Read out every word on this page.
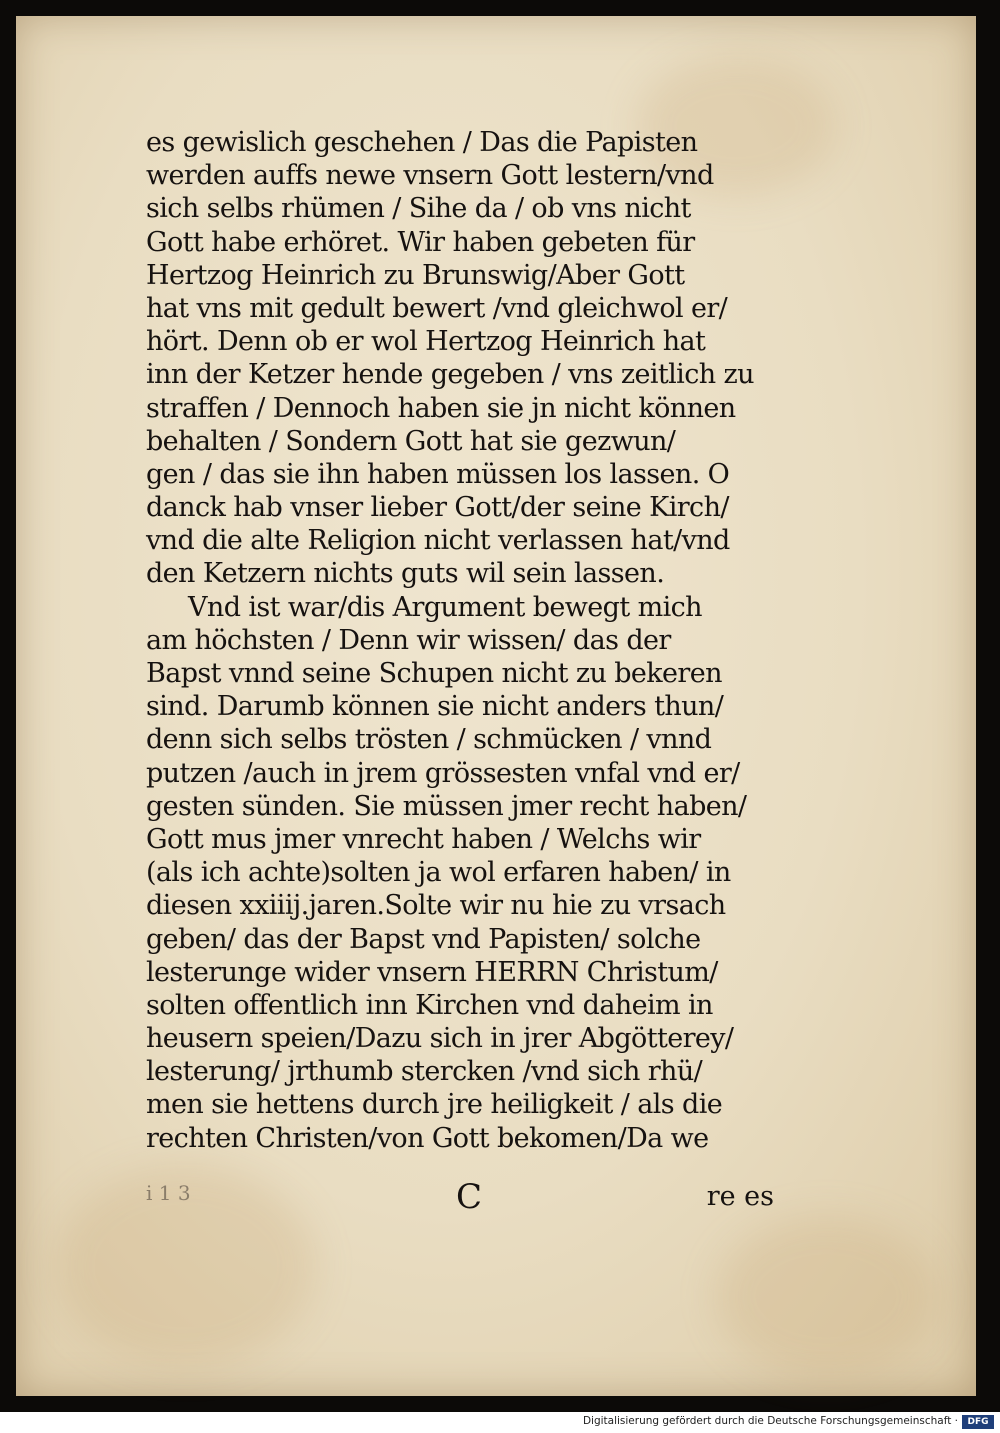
es gewislich geschehen / Das die Papisten
werden auffs newe vnsern Gott lestern/vnd
sich selbs rhümen / Sihe da / ob vns nicht
Gott habe erhöret. Wir haben gebeten für
Hertzog Heinrich zu Brunswig/Aber Gott
hat vns mit gedult bewert /vnd gleichwol er/
hört. Denn ob er wol Hertzog Heinrich hat
inn der Ketzer hende gegeben / vns zeitlich zu
straffen / Dennoch haben sie jn nicht können
behalten / Sondern Gott hat sie gezwun/
gen / das sie ihn haben müssen los lassen. O
danck hab vnser lieber Gott/der seine Kirch/
vnd die alte Religion nicht verlassen hat/vnd
den Ketzern nichts guts wil sein lassen.
Vnd ist war/dis Argument bewegt mich
am höchsten / Denn wir wissen/ das der
Bapst vnnd seine Schupen nicht zu bekeren
sind. Darumb können sie nicht anders thun/
denn sich selbs trösten / schmücken / vnnd
putzen /auch in jrem grössesten vnfal vnd er/
gesten sünden. Sie müssen jmer recht haben/
Gott mus jmer vnrecht haben / Welchs wir
(als ich achte)solten ja wol erfaren haben/ in
diesen xxiiij.jaren.Solte wir nu hie zu vrsach
geben/ das der Bapst vnd Papisten/ solche
lesterunge wider vnsern HERRN Christum/
solten offentlich inn Kirchen vnd daheim in
heusern speien/Dazu sich in jrer Abgötterey/
lesterung/ jrthumb stercken /vnd sich rhü/
men sie hettens durch jre heiligkeit / als die
rechten Christen/von Gott bekomen/Da we
i 1 3	C	re es
Digitalisierung gefördert durch die Deutsche Forschungsgemeinschaft ·	DFG
